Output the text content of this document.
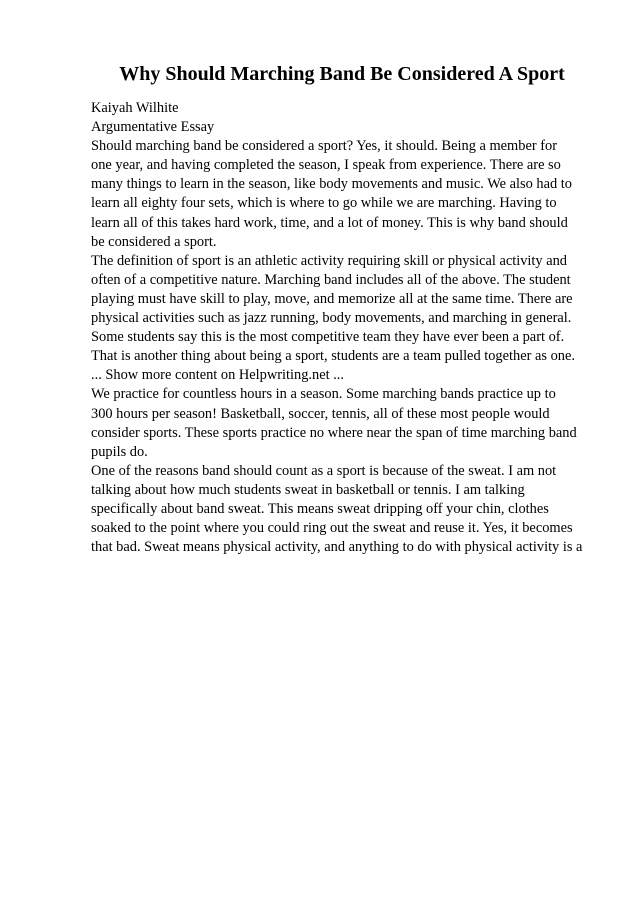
Why Should Marching Band Be Considered A Sport
Kaiyah Wilhite
Argumentative Essay
Should marching band be considered a sport? Yes, it should. Being a member for
one year, and having completed the season, I speak from experience. There are so
many things to learn in the season, like body movements and music. We also had to
learn all eighty four sets, which is where to go while we are marching. Having to
learn all of this takes hard work, time, and a lot of money. This is why band should
be considered a sport.
The definition of sport is an athletic activity requiring skill or physical activity and
often of a competitive nature. Marching band includes all of the above. The student
playing must have skill to play, move, and memorize all at the same time. There are
physical activities such as jazz running, body movements, and marching in general.
Some students say this is the most competitive team they have ever been a part of.
That is another thing about being a sport, students are a team pulled together as one.
... Show more content on Helpwriting.net ...
We practice for countless hours in a season. Some marching bands practice up to
300 hours per season! Basketball, soccer, tennis, all of these most people would
consider sports. These sports practice no where near the span of time marching band
pupils do.
One of the reasons band should count as a sport is because of the sweat. I am not
talking about how much students sweat in basketball or tennis. I am talking
specifically about band sweat. This means sweat dripping off your chin, clothes
soaked to the point where you could ring out the sweat and reuse it. Yes, it becomes
that bad. Sweat means physical activity, and anything to do with physical activity is a
